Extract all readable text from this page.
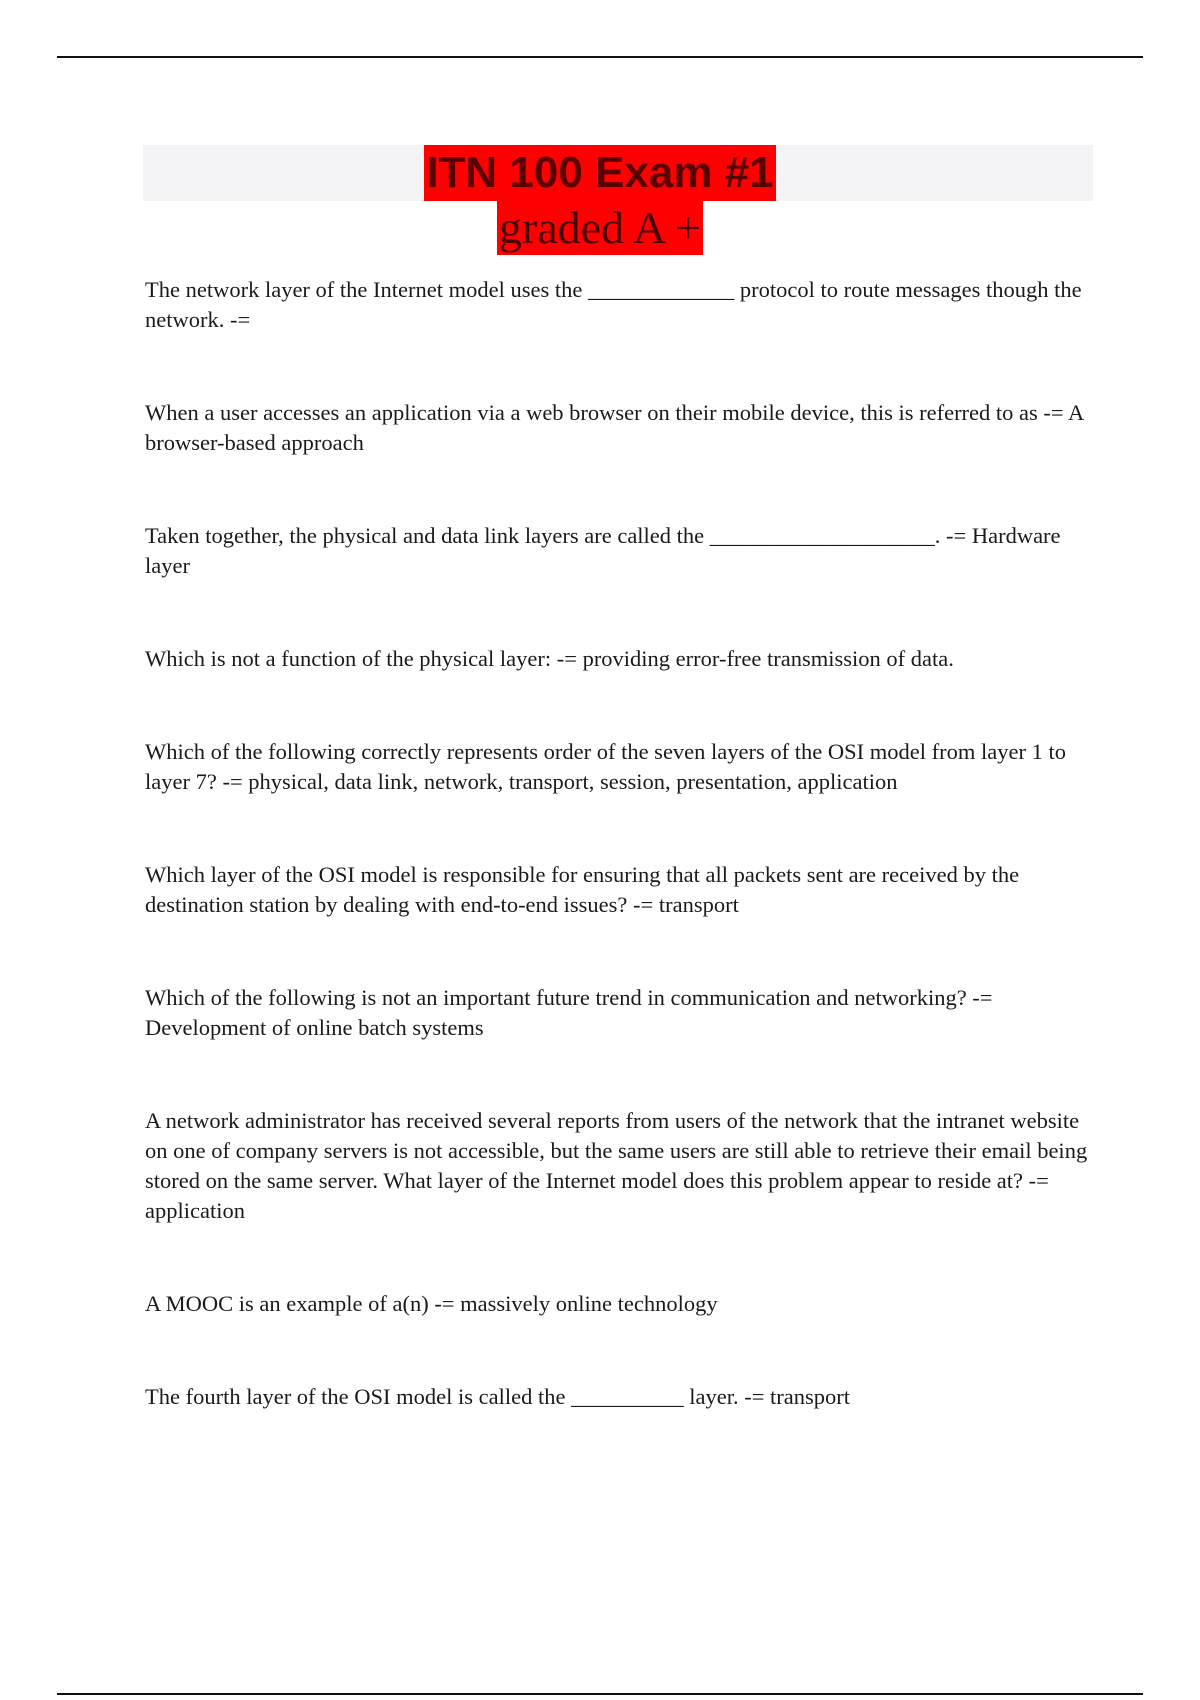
ITN 100 Exam #1
graded A +
The network layer of the Internet model uses the _____________ protocol to route messages though the network. -=
When a user accesses an application via a web browser on their mobile device, this is referred to as -= A browser-based approach
Taken together, the physical and data link layers are called the ____________________. -= Hardware layer
Which is not a function of the physical layer: -= providing error-free transmission of data.
Which of the following correctly represents order of the seven layers of the OSI model from layer 1 to layer 7? -= physical, data link, network, transport, session, presentation, application
Which layer of the OSI model is responsible for ensuring that all packets sent are received by the destination station by dealing with end-to-end issues? -= transport
Which of the following is not an important future trend in communication and networking? -= Development of online batch systems
A network administrator has received several reports from users of the network that the intranet website on one of company servers is not accessible, but the same users are still able to retrieve their email being stored on the same server. What layer of the Internet model does this problem appear to reside at? -= application
A MOOC is an example of a(n) -= massively online technology
The fourth layer of the OSI model is called the __________ layer. -= transport
